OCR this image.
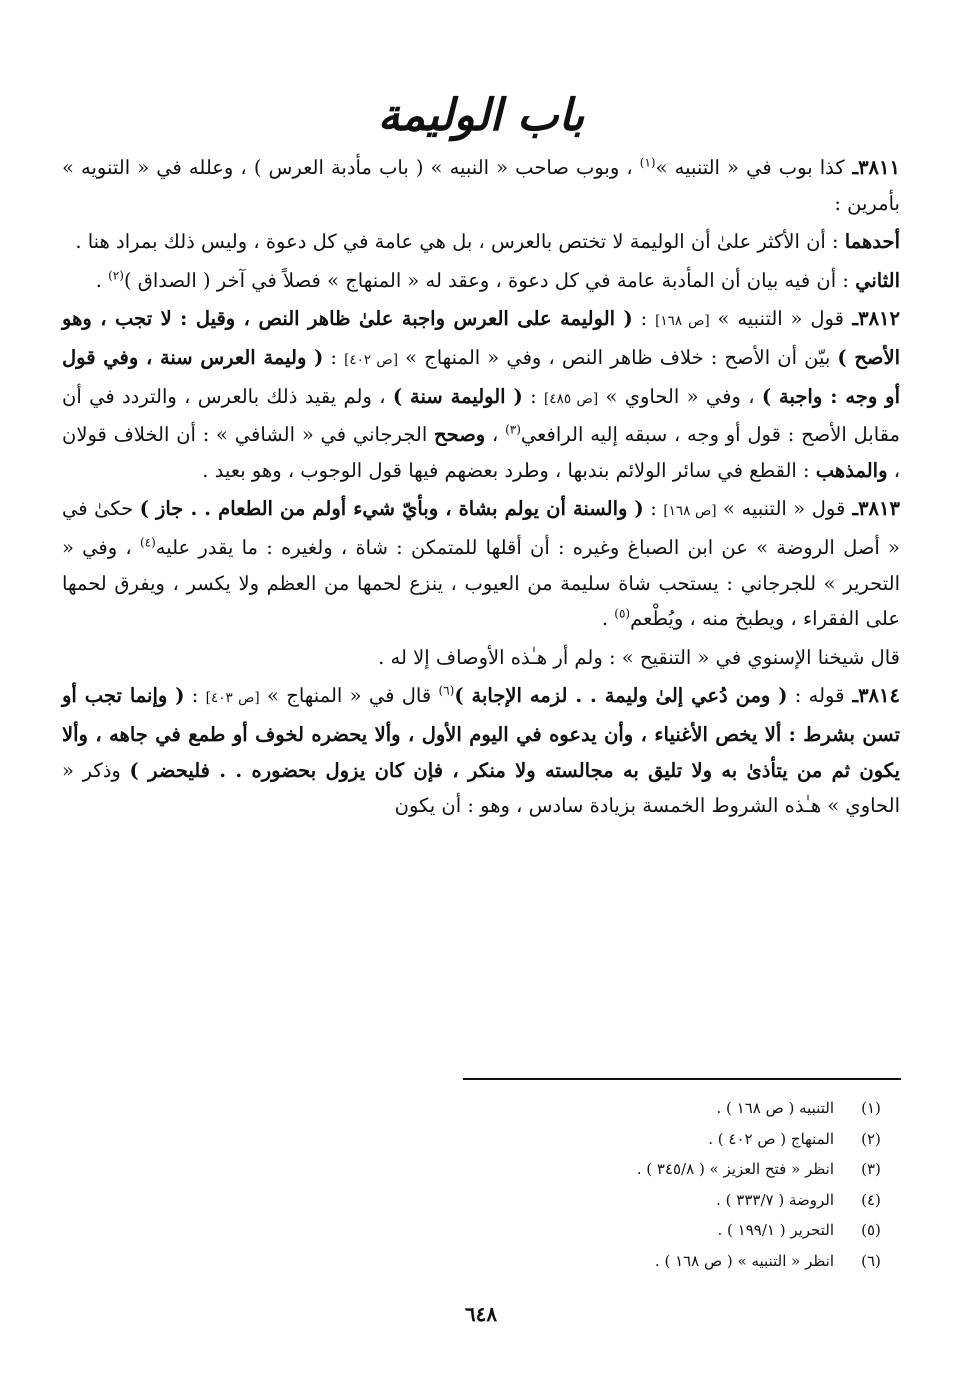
باب الوليمة

٣٨١١ـ كذا بوب في « التنبيه »$^{(١)}$ ، وبوب صاحب « النبيه » ( باب مأدبة العرس ) ، وعلله في « التنويه » بأمرين :

أحدهما : أن الأكثر علىٰ أن الوليمة لا تختص بالعرس ، بل هي عامة في كل دعوة ، وليس ذلك بمراد هنا .

الثاني : أن فيه بيان أن المأدبة عامة في كل دعوة ، وعقد له « المنهاج » فصلاً في آخر ( الصداق )$^{(٢)}$ .

٣٨١٢ـ قول « التنبيه » [ص ١٦٨] : ( الوليمة على العرس واجبة علىٰ ظاهر النص ، وقيل : لا تجب ، وهو الأصح ) بيّن أن الأصح : خلاف ظاهر النص ، وفي « المنهاج » [ص ٤٠٢] : ( وليمة العرس سنة ، وفي قول أو وجه : واجبة ) ، وفي « الحاوي » [ص ٤٨٥] : ( الوليمة سنة ) ، ولم يقيد ذلك بالعرس ، والتردد في أن مقابل الأصح : قول أو وجه ، سبقه إليه الرافعي$^{(٣)}$ ، وصحح الجرجاني في « الشافي » : أن الخلاف قولان ، والمذهب : القطع في سائر الولائم بندبها ، وطرد بعضهم فيها قول الوجوب ، وهو بعيد .

٣٨١٣ـ قول « التنبيه » [ص ١٦٨] : ( والسنة أن يولم بشاة ، وبأيّ شيء أولم من الطعام . . جاز ) حكىٰ في « أصل الروضة » عن ابن الصباغ وغيره : أن أقلها للمتمكن : شاة ، ولغيره : ما يقدر عليه$^{(٤)}$ ، وفي « التحرير » للجرجاني : يستحب شاة سليمة من العيوب ، ينزع لحمها من العظم ولا يكسر ، ويفرق لحمها على الفقراء ، ويطبخ منه ، ويُطْعم$^{(٥)}$ .

قال شيخنا الإسنوي في « التنقيح » : ولم أر هـٰذه الأوصاف إلا له .

٣٨١٤ـ قوله : ( ومن دُعي إلىٰ وليمة . . لزمه الإجابة )$^{(٦)}$ قال في « المنهاج » [ص ٤٠٣] : ( وإنما تجب أو تسن بشرط : ألا يخص الأغنياء ، وأن يدعوه في اليوم الأول ، وألا يحضره لخوف أو طمع في جاهه ، وألا يكون ثم من يتأذىٰ به ولا تليق به مجالسته ولا منكر ، فإن كان يزول بحضوره . . فليحضر ) وذكر « الحاوي » هـٰذه الشروط الخمسة بزيادة سادس ، وهو : أن يكون

(١)
التنبيه ( ص ١٦٨ ) .
(٢)
المنهاج ( ص ٤٠٢ ) .
(٣)
انظر « فتح العزيز » ( ٣٤٥/٨ ) .
(٤)
الروضة ( ٣٣٣/٧ ) .
(٥)
التحرير ( ١٩٩/١ ) .
(٦)
انظر « التنبيه » ( ص ١٦٨ ) .
٦٤٨
